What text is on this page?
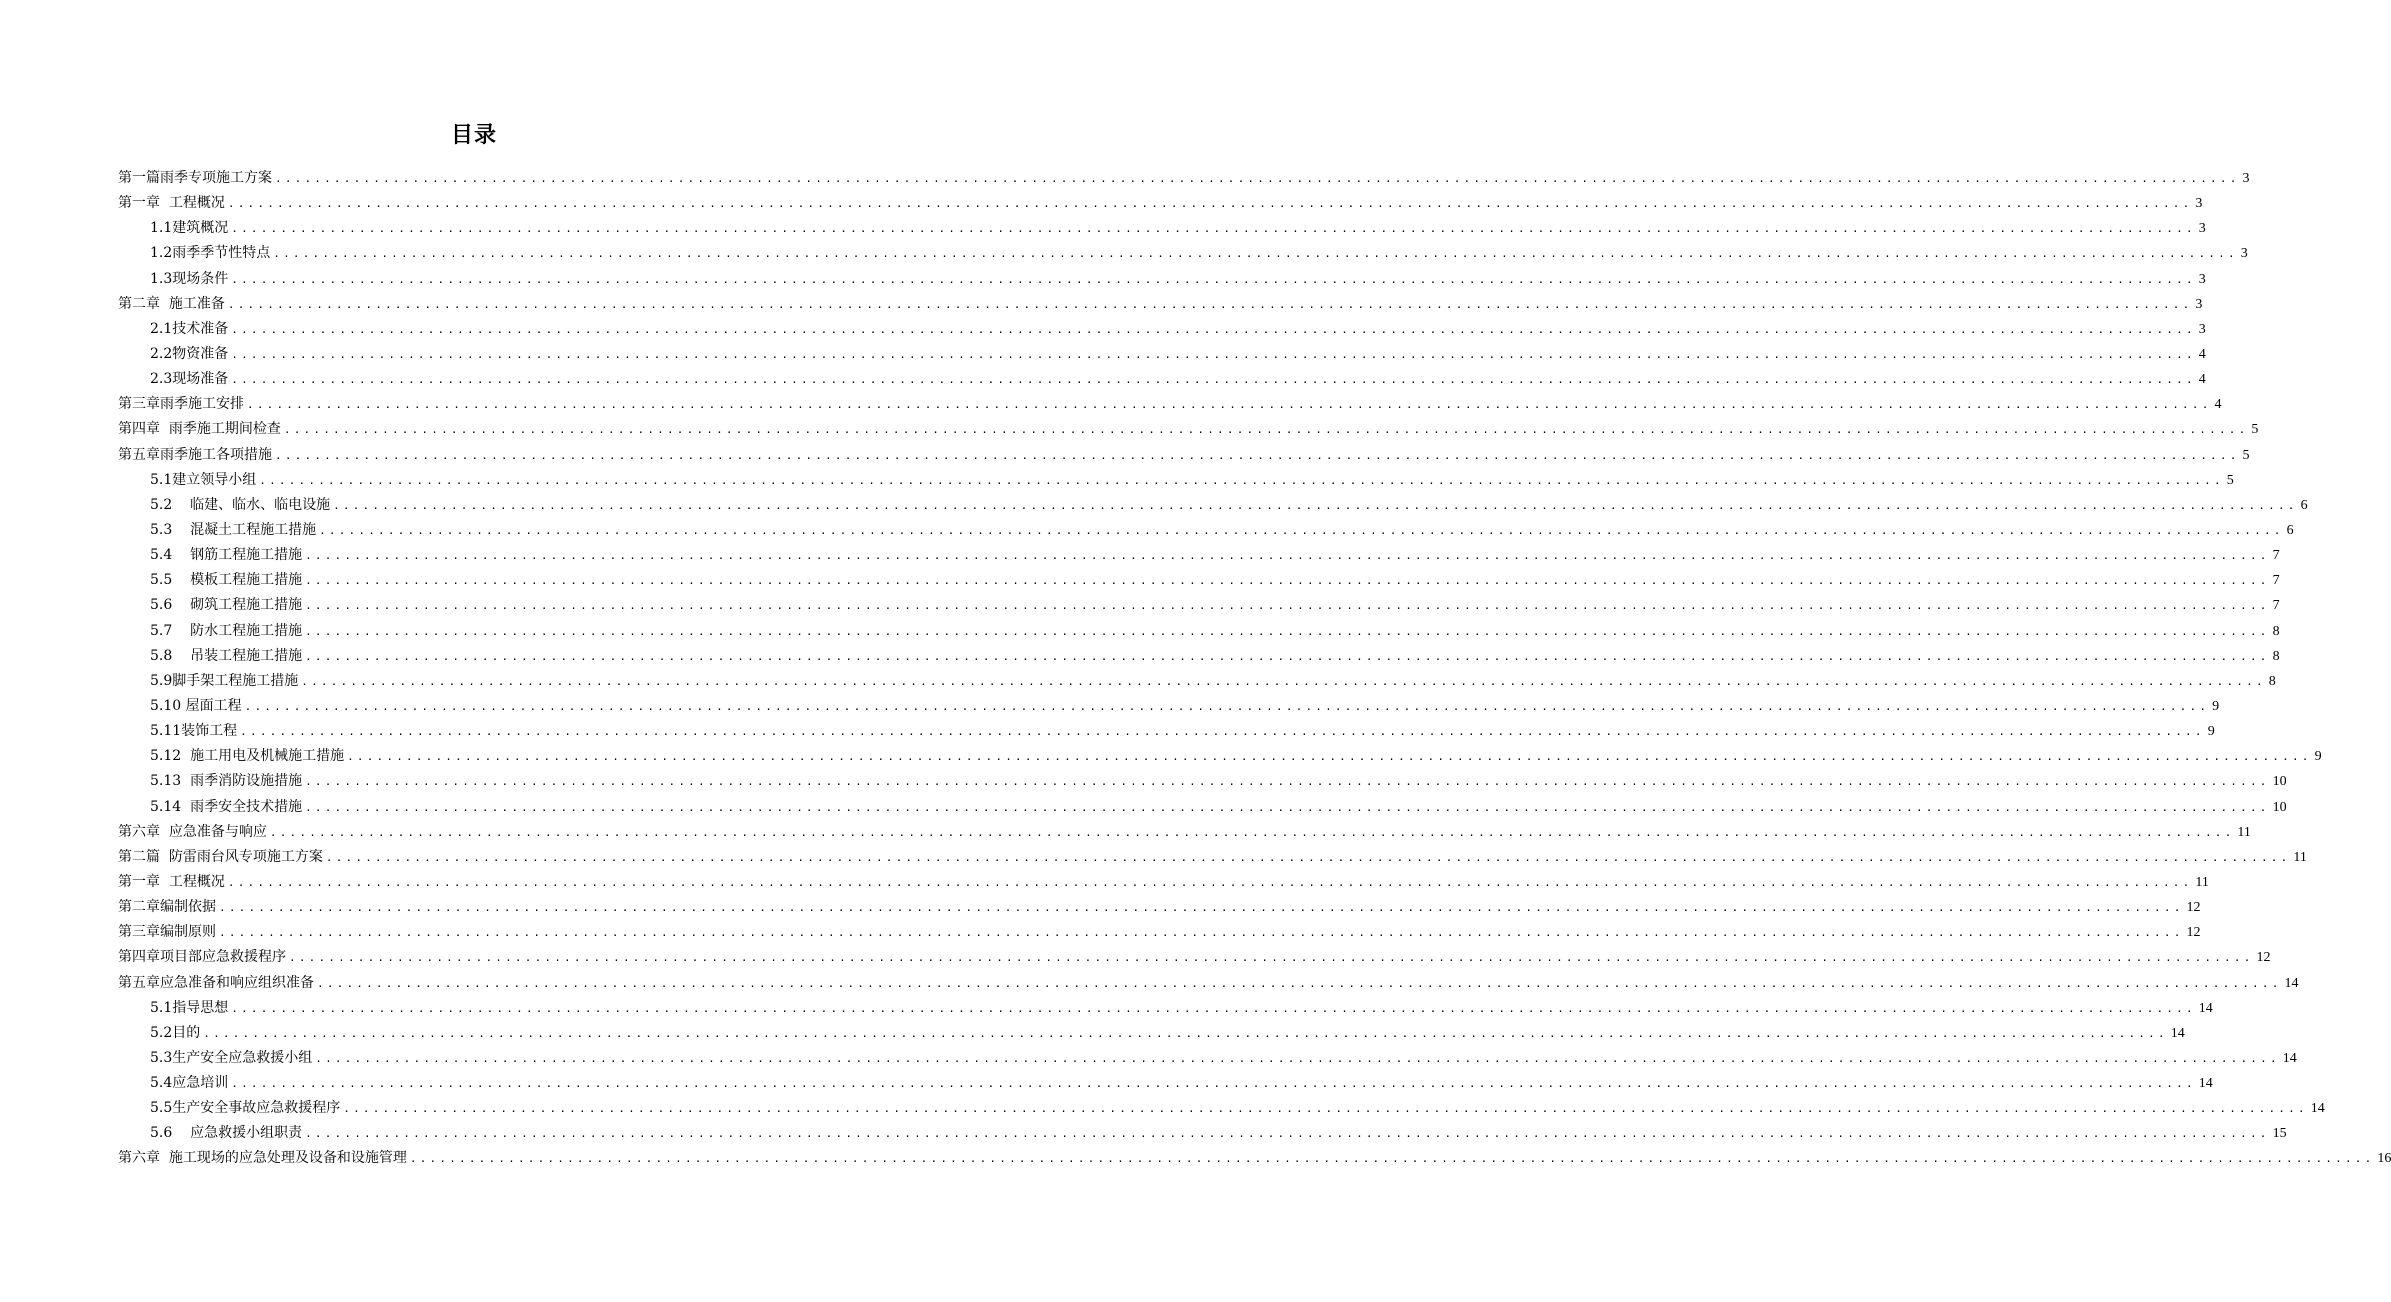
目录
第一篇雨季专项施工方案 ........................................................................................................................................................................................................ 3
第一章  工程概况 ........................................................................................................................................................................................................ 3
1.1建筑概况 ........................................................................................................................................................................................................ 3
1.2雨季季节性特点 ........................................................................................................................................................................................................ 3
1.3现场条件 ........................................................................................................................................................................................................ 3
第二章  施工准备 ........................................................................................................................................................................................................ 3
2.1技术准备 ........................................................................................................................................................................................................ 3
2.2物资准备 ........................................................................................................................................................................................................ 4
2.3现场准备 ........................................................................................................................................................................................................ 4
第三章雨季施工安排 ........................................................................................................................................................................................................ 4
第四章  雨季施工期间检查 ........................................................................................................................................................................................................ 5
第五章雨季施工各项措施 ........................................................................................................................................................................................................ 5
5.1建立领导小组 ........................................................................................................................................................................................................ 5
5.2    临建、临水、临电设施 ........................................................................................................................................................................................................ 6
5.3    混凝土工程施工措施 ........................................................................................................................................................................................................ 6
5.4    钢筋工程施工措施 ........................................................................................................................................................................................................ 7
5.5    模板工程施工措施 ........................................................................................................................................................................................................ 7
5.6    砌筑工程施工措施 ........................................................................................................................................................................................................ 7
5.7    防水工程施工措施 ........................................................................................................................................................................................................ 8
5.8    吊装工程施工措施 ........................................................................................................................................................................................................ 8
5.9脚手架工程施工措施 ........................................................................................................................................................................................................ 8
5.10 屋面工程 ........................................................................................................................................................................................................ 9
5.11装饰工程 ........................................................................................................................................................................................................ 9
5.12  施工用电及机械施工措施 ........................................................................................................................................................................................................ 9
5.13  雨季消防设施措施 ........................................................................................................................................................................................................ 10
5.14  雨季安全技术措施 ........................................................................................................................................................................................................ 10
第六章  应急准备与响应 ........................................................................................................................................................................................................ 11
第二篇  防雷雨台风专项施工方案 ........................................................................................................................................................................................................ 11
第一章  工程概况 ........................................................................................................................................................................................................ 11
第二章编制依据 ........................................................................................................................................................................................................ 12
第三章编制原则 ........................................................................................................................................................................................................ 12
第四章项目部应急救援程序 ........................................................................................................................................................................................................ 12
第五章应急准备和响应组织准备 ........................................................................................................................................................................................................ 14
5.1指导思想 ........................................................................................................................................................................................................ 14
5.2目的 ........................................................................................................................................................................................................ 14
5.3生产安全应急救援小组 ........................................................................................................................................................................................................ 14
5.4应急培训 ........................................................................................................................................................................................................ 14
5.5生产安全事故应急救援程序 ........................................................................................................................................................................................................ 14
5.6    应急救援小组职责 ........................................................................................................................................................................................................ 15
第六章  施工现场的应急处理及设备和设施管理 ........................................................................................................................................................................................................ 16
